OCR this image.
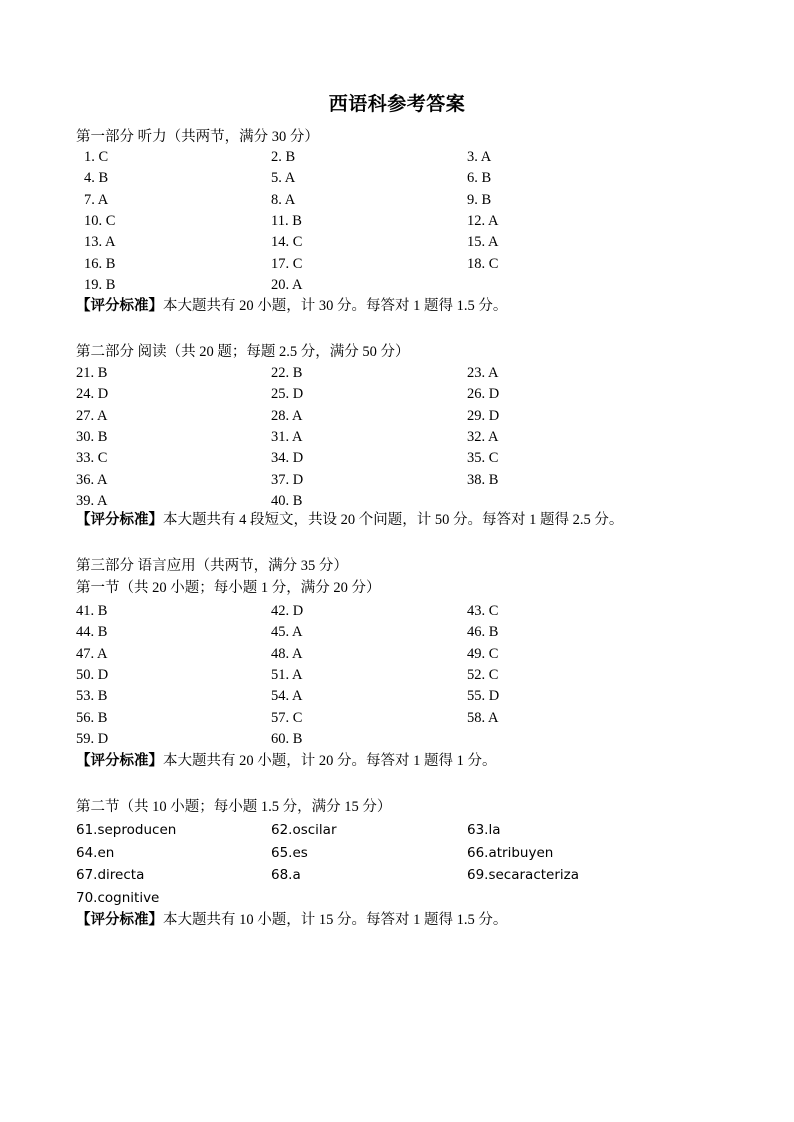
西语科参考答案
第一部分 听力（共两节，满分 30 分）
1. C	2. B	3. A
4. B	5. A	6. B
7. A	8. A	9. B
10. C	11. B	12. A
13. A	14. C	15. A
16. B	17. C	18. C
19. B	20. A
【评分标准】本大题共有 20 小题，计 30 分。每答对 1 题得 1.5 分。
第二部分 阅读（共 20 题；每题 2.5 分，满分 50 分）
21. B	22. B	23. A
24. D	25. D	26. D
27. A	28. A	29. D
30. B	31. A	32. A
33. C	34. D	35. C
36. A	37. D	38. B
39. A	40. B
【评分标准】本大题共有 4 段短文，共设 20 个问题，计 50 分。每答对 1 题得 2.5 分。
第三部分 语言应用（共两节，满分 35 分）
第一节（共 20 小题；每小题 1 分，满分 20 分）
41. B	42. D	43. C
44. B	45. A	46. B
47. A	48. A	49. C
50. D	51. A	52. C
53. B	54. A	55. D
56. B	57. C	58. A
59. D	60. B
【评分标准】本大题共有 20 小题，计 20 分。每答对 1 题得 1 分。
第二节（共 10 小题；每小题 1.5 分，满分 15 分）
61.seproducen	62.oscilar	63.la
64.en	65.es	66.atribuyen
67.directa	68.a	69.secaracteriza
70.cognitive
【评分标准】本大题共有 10 小题，计 15 分。每答对 1 题得 1.5 分。
